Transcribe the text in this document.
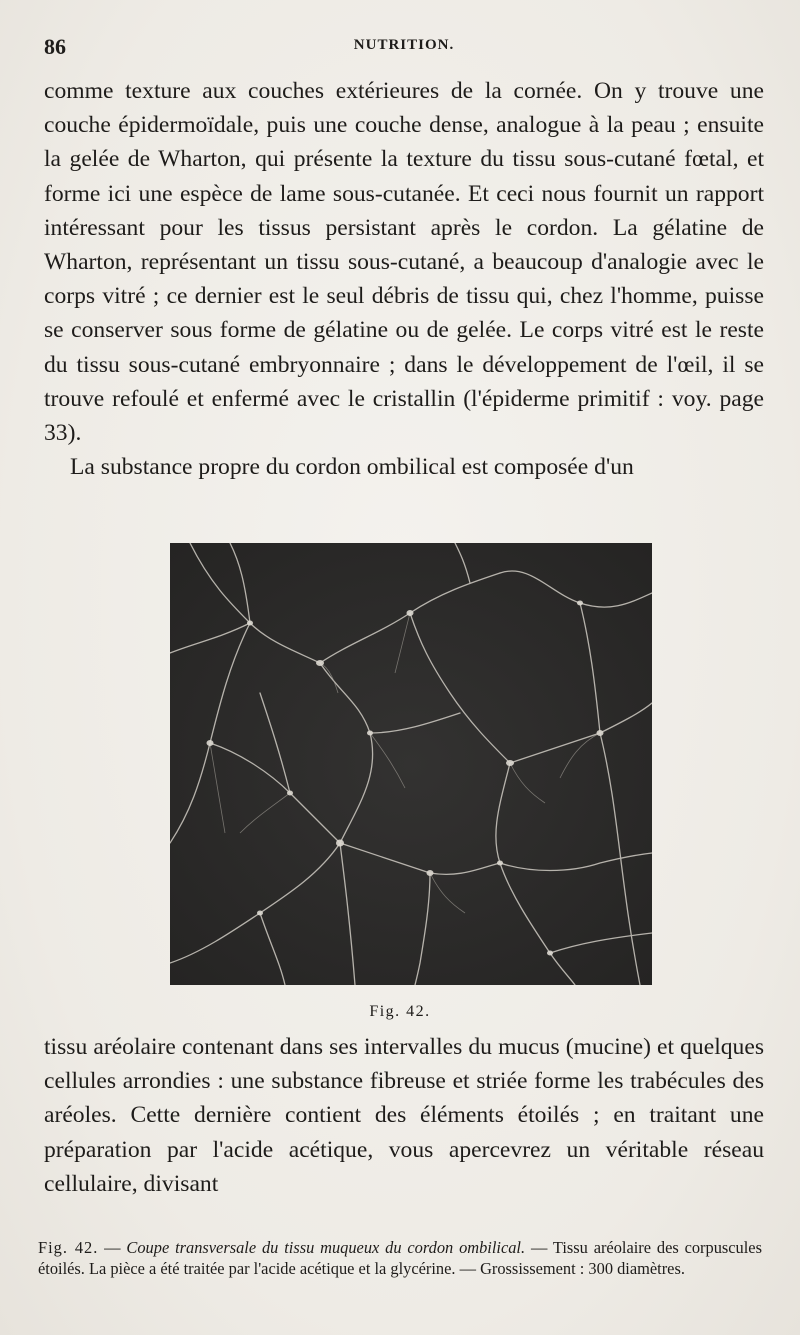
86	NUTRITION.
comme texture aux couches extérieures de la cornée. On y trouve une couche épidermoïdale, puis une couche dense, analogue à la peau ; ensuite la gelée de Wharton, qui présente la texture du tissu sous-cutané fœtal, et forme ici une espèce de lame sous-cutanée. Et ceci nous fournit un rapport intéressant pour les tissus persistant après le cordon. La gélatine de Wharton, représentant un tissu sous-cutané, a beaucoup d'analogie avec le corps vitré ; ce dernier est le seul débris de tissu qui, chez l'homme, puisse se conserver sous forme de gélatine ou de gelée. Le corps vitré est le reste du tissu sous-cutané embryonnaire ; dans le développement de l'œil, il se trouve refoulé et enfermé avec le cristallin (l'épiderme primitif : voy. page 33).
La substance propre du cordon ombilical est composée d'un
Fig. 42.
tissu aréolaire contenant dans ses intervalles du mucus (mucine) et quelques cellules arrondies : une substance fibreuse et striée forme les trabécules des aréoles. Cette dernière contient des éléments étoilés ; en traitant une préparation par l'acide acétique, vous apercevrez un véritable réseau cellulaire, divisant

Fig. 42. — Coupe transversale du tissu muqueux du cordon ombilical. — Tissu aréolaire des corpuscules étoilés. La pièce a été traitée par l'acide acétique et la glycérine. — Grossissement : 300 diamètres.
